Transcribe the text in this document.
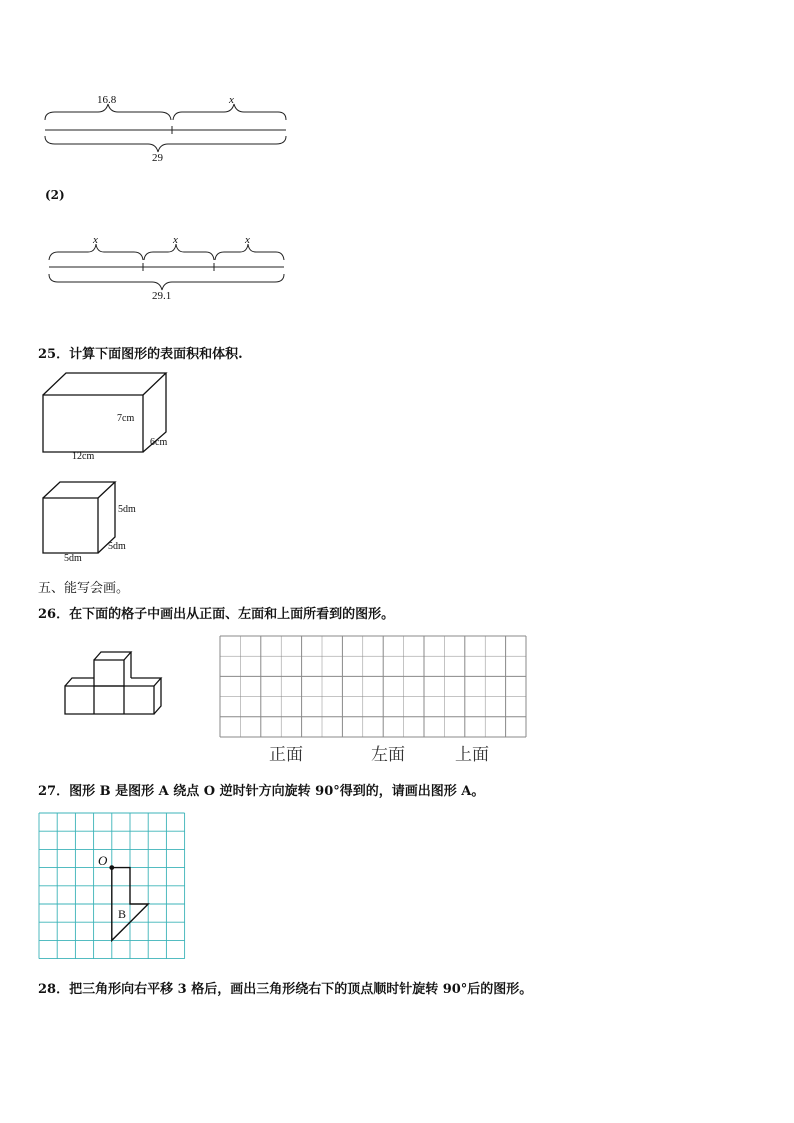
16.8	x
29
(2)
x	x	x
29.1
25．计算下面图形的表面积和体积.
7cm
6cm
12cm
5dm
5dm
5dm
五、能写会画。
26．在下面的格子中画出从正面、左面和上面所看到的图形。
正面	左面	上面
27．图形 B 是图形 A 绕点 O 逆时针方向旋转 90°得到的，请画出图形 A。
O
B
28．把三角形向右平移 3 格后，画出三角形绕右下的顶点顺时针旋转 90°后的图形。
